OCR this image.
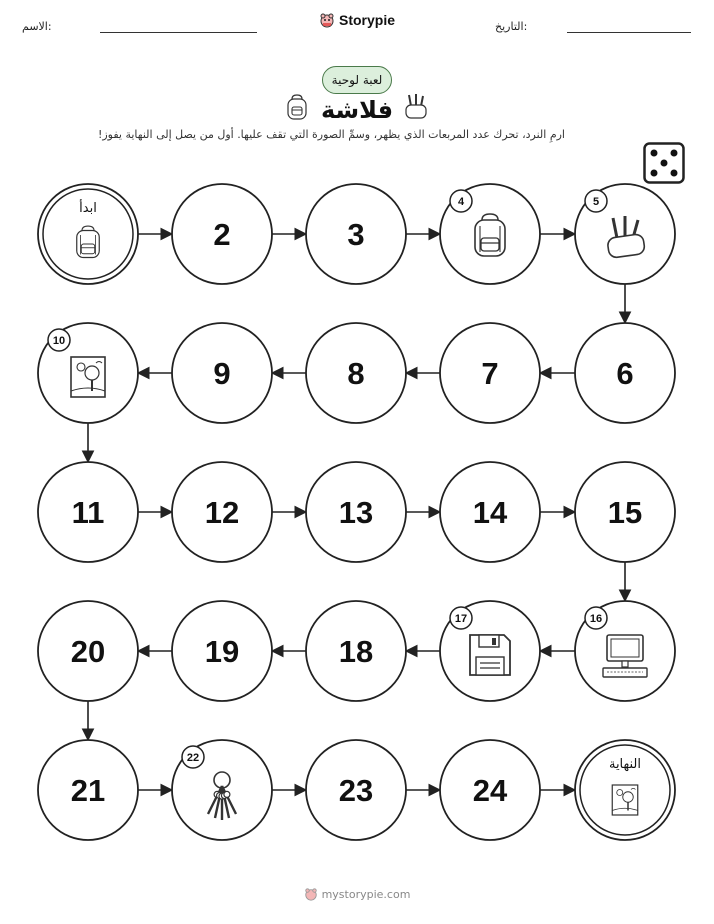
الاسم:	التاريخ:
Storypie
لعبة لوحية
فلاشة
ارمِ النرد، تحرك عدد المربعات الذي يظهر، وسمِّ الصورة التي تقف عليها. أول من يصل إلى النهاية يفوز!
ابدأ
2	3
4	5
6
7
8
9
10
11	12	13	14	15
16
17
18
19
20
21
22
23	24
النهاية
mystorypie.com
